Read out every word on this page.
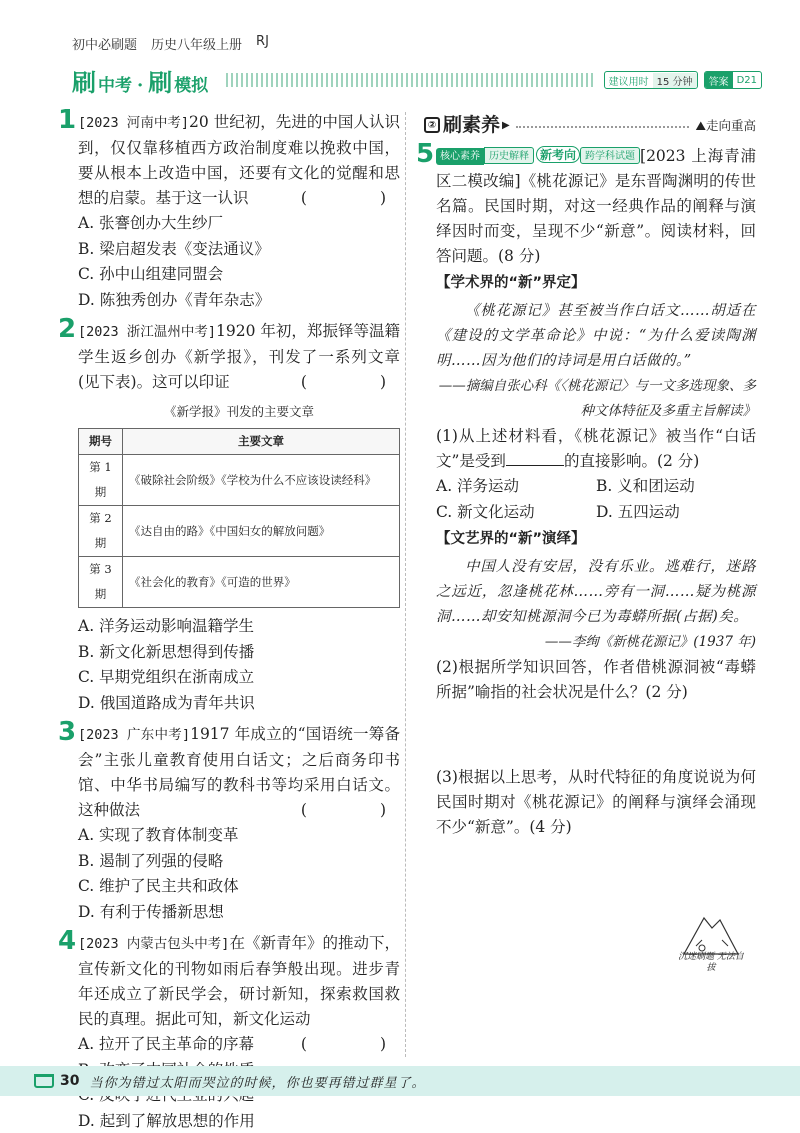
初中必刷题 历史八年级上册 RJ
刷 中考 · 刷 模拟	建议用时 15 分钟	答案 D21
1 [2023 河南中考]20 世纪初，先进的中国人认识到，仅仅靠移植西方政治制度难以挽救中国，要从根本上改造中国，还要有文化的觉醒和思想的启蒙。基于这一认识	(　　)
A. 张謇创办大生纱厂
B. 梁启超发表《变法通议》
C. 孙中山组建同盟会
D. 陈独秀创办《青年杂志》
2 [2023 浙江温州中考]1920 年初，郑振铎等温籍学生返乡创办《新学报》，刊发了一系列文章(见下表)。这可以印证	(　　)
《新学报》刊发的主要文章
期号	主要文章
第 1 期	《破除社会阶级》《学校为什么不应该设读经科》
第 2 期	《达自由的路》《中国妇女的解放问题》
第 3 期	《社会化的教育》《可造的世界》
A. 洋务运动影响温籍学生
B. 新文化新思想得到传播
C. 早期党组织在浙南成立
D. 俄国道路成为青年共识
3 [2023 广东中考]1917 年成立的“国语统一筹备会”主张儿童教育使用白话文；之后商务印书馆、中华书局编写的教科书等均采用白话文。这种做法	(　　)
A. 实现了教育体制变革
B. 遏制了列强的侵略
C. 维护了民主共和政体
D. 有利于传播新思想
4 [2023 内蒙古包头中考]在《新青年》的推动下，宣传新文化的刊物如雨后春笋般出现。进步青年还成立了新民学会，研讨新知，探索救国救民的真理。据此可知，新文化运动
(　　)
A. 拉开了民主革命的序幕
D. 起到了解放思想的作用
② 刷素养 ▶	⛰走向重高
5 核心素养 历史解释 新考向 跨学科试题 [2023 上海青浦区二模改编]《桃花源记》是东晋陶渊明的传世名篇。民国时期，对这一经典作品的阐释与演绎因时而变，呈现不少“新意”。阅读材料，回答问题。(8 分)
【学术界的“新”界定】
《桃花源记》甚至被当作白话文……胡适在《建设的文学革命论》中说：“为什么爱读陶渊明……因为他们的诗词是用白话做的。”
——摘编自张心科《〈桃花源记〉与一文多选现象、多种文体特征及多重主旨解读》
(1)从上述材料看，《桃花源记》被当作“白话文”是受到	的直接影响。(2 分)
A. 洋务运动	B. 义和团运动
C. 新文化运动	D. 五四运动
【文艺界的“新”演绎】
中国人没有安居，没有乐业。逃难行，迷路之远近，忽逢桃花林……旁有一洞……疑为桃源洞……却安知桃源洞今已为毒蟒所据(占据)矣。
——李绚《新桃花源记》(1937 年)
(2)根据所学知识回答，作者借桃源洞被“毒蟒所据”喻指的社会状况是什么？(2 分)
(3)根据以上思考，从时代特征的角度说说为何民国时期对《桃花源记》的阐释与演绎会涌现不少“新意”。(4 分)
沉迷刷题 无法自拔
30 当你为错过太阳而哭泣的时候，你也要再错过群星了。
